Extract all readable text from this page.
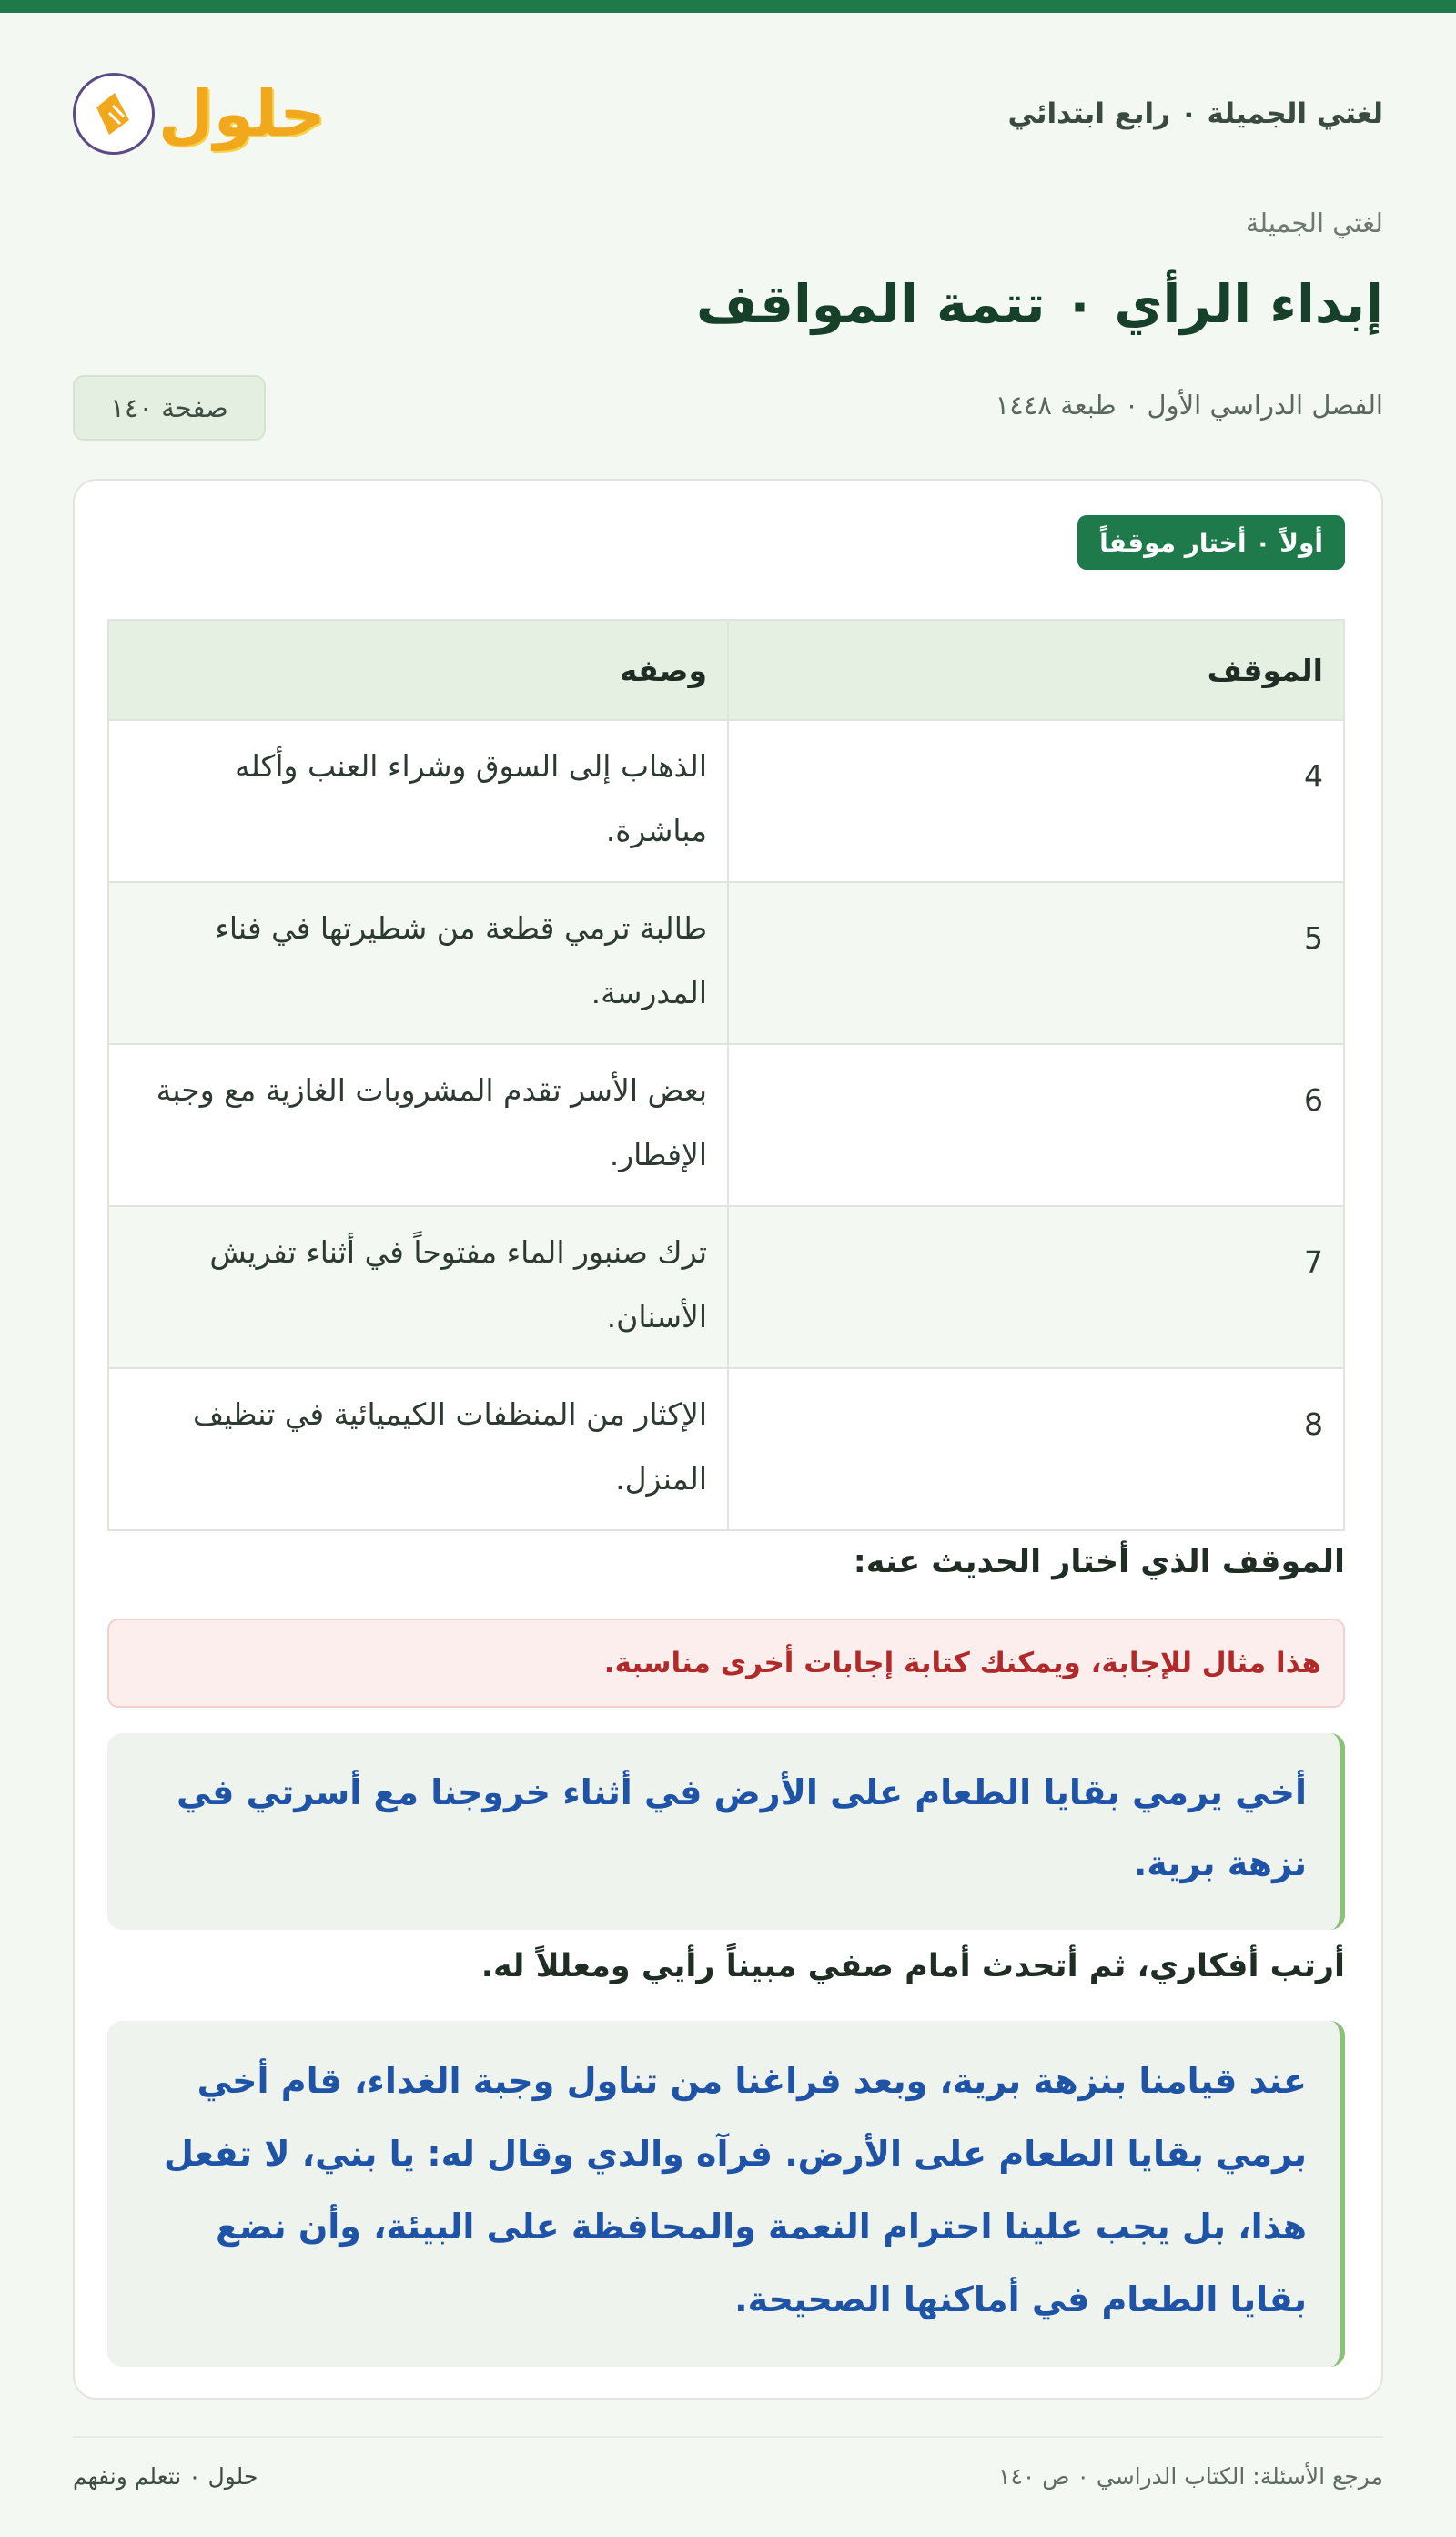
لغتي الجميلة ٠ رابع ابتدائي
حلول
لغتي الجميلة
إبداء الرأي ٠ تتمة المواقف
الفصل الدراسي الأول ٠ طبعة ١٤٤٨
صفحة ١٤٠
أولاً ٠ أختار موقفاً
الموقف	وصفه
4	الذهاب إلى السوق وشراء العنب وأكله مباشرة.

5	طالبة ترمي قطعة من شطيرتها في فناء المدرسة.

6	بعض الأسر تقدم المشروبات الغازية مع وجبة الإفطار.

7	ترك صنبور الماء مفتوحاً في أثناء تفريش الأسنان.

8	الإكثار من المنظفات الكيميائية في تنظيف المنزل.
الموقف الذي أختار الحديث عنه:
هذا مثال للإجابة، ويمكنك كتابة إجابات أخرى مناسبة.
أخي يرمي بقايا الطعام على الأرض في أثناء خروجنا مع أسرتي في نزهة برية.
أرتب أفكاري، ثم أتحدث أمام صفي مبيناً رأيي ومعللاً له.
عند قيامنا بنزهة برية، وبعد فراغنا من تناول وجبة الغداء، قام أخي برمي بقايا الطعام على الأرض. فرآه والدي وقال له: يا بني، لا تفعل هذا، بل يجب علينا احترام النعمة والمحافظة على البيئة، وأن نضع بقايا الطعام في أماكنها الصحيحة.
مرجع الأسئلة: الكتاب الدراسي ٠ ص ١٤٠
حلول ٠ نتعلم ونفهم
